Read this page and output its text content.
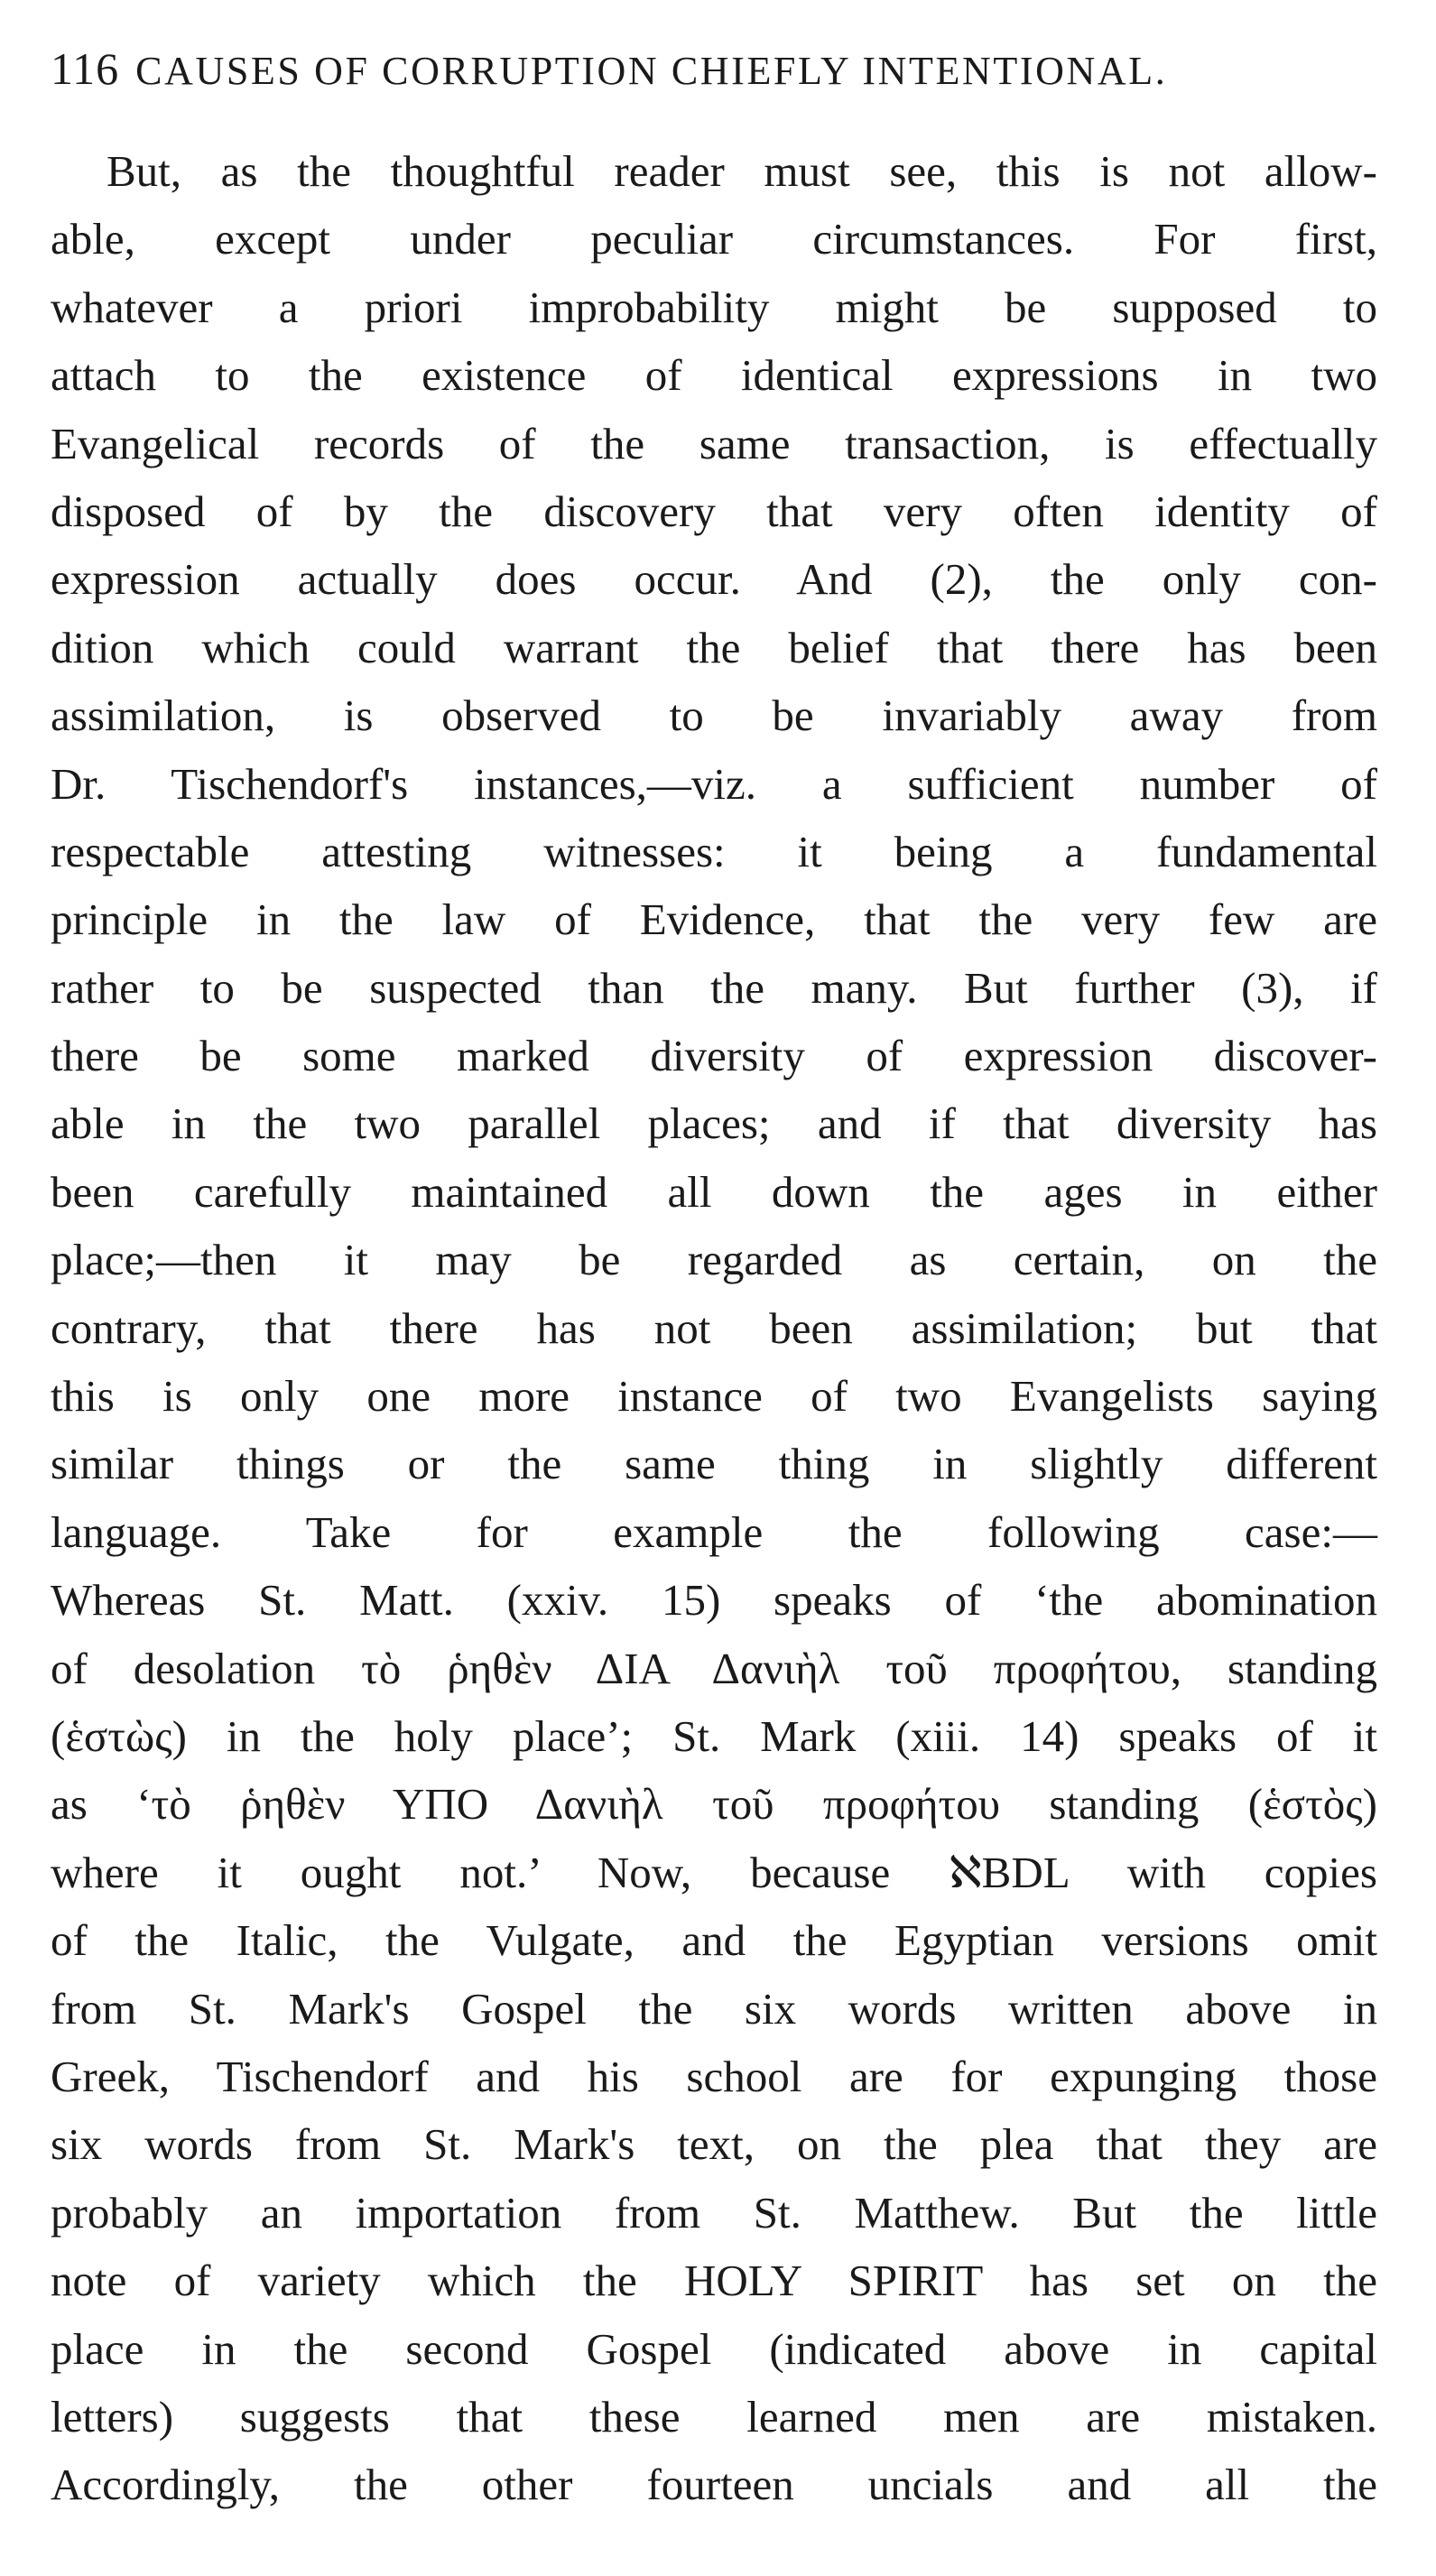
116 CAUSES OF CORRUPTION CHIEFLY INTENTIONAL.
But, as the thoughtful reader must see, this is not allow-
able, except under peculiar circumstances. For first,
whatever a priori improbability might be supposed to
attach to the existence of identical expressions in two
Evangelical records of the same transaction, is effectually
disposed of by the discovery that very often identity of
expression actually does occur. And (2), the only con-
dition which could warrant the belief that there has been
assimilation, is observed to be invariably away from
Dr. Tischendorf's instances,—viz. a sufficient number of
respectable attesting witnesses: it being a fundamental
principle in the law of Evidence, that the very few are
rather to be suspected than the many. But further (3), if
there be some marked diversity of expression discover-
able in the two parallel places; and if that diversity has
been carefully maintained all down the ages in either
place;—then it may be regarded as certain, on the
contrary, that there has not been assimilation; but that
this is only one more instance of two Evangelists saying
similar things or the same thing in slightly different
language. Take for example the following case:—
Whereas St. Matt. (xxiv. 15) speaks of ‘the abomination
of desolation τὸ ῥηθὲν ΔΙΑ Δανιὴλ τοῦ προφήτου, standing
(ἑστὼς) in the holy place’; St. Mark (xiii. 14) speaks of it
as ‘τὸ ῥηθὲν ΥΠΟ Δανιὴλ τοῦ προφήτου standing (ἑστὸς)
where it ought not.’ Now, because ℵBDL with copies
of the Italic, the Vulgate, and the Egyptian versions omit
from St. Mark's Gospel the six words written above in
Greek, Tischendorf and his school are for expunging those
six words from St. Mark's text, on the plea that they are
probably an importation from St. Matthew. But the little
note of variety which the HOLY SPIRIT has set on the
place in the second Gospel (indicated above in capital
letters) suggests that these learned men are mistaken.
Accordingly, the other fourteen uncials and all the
